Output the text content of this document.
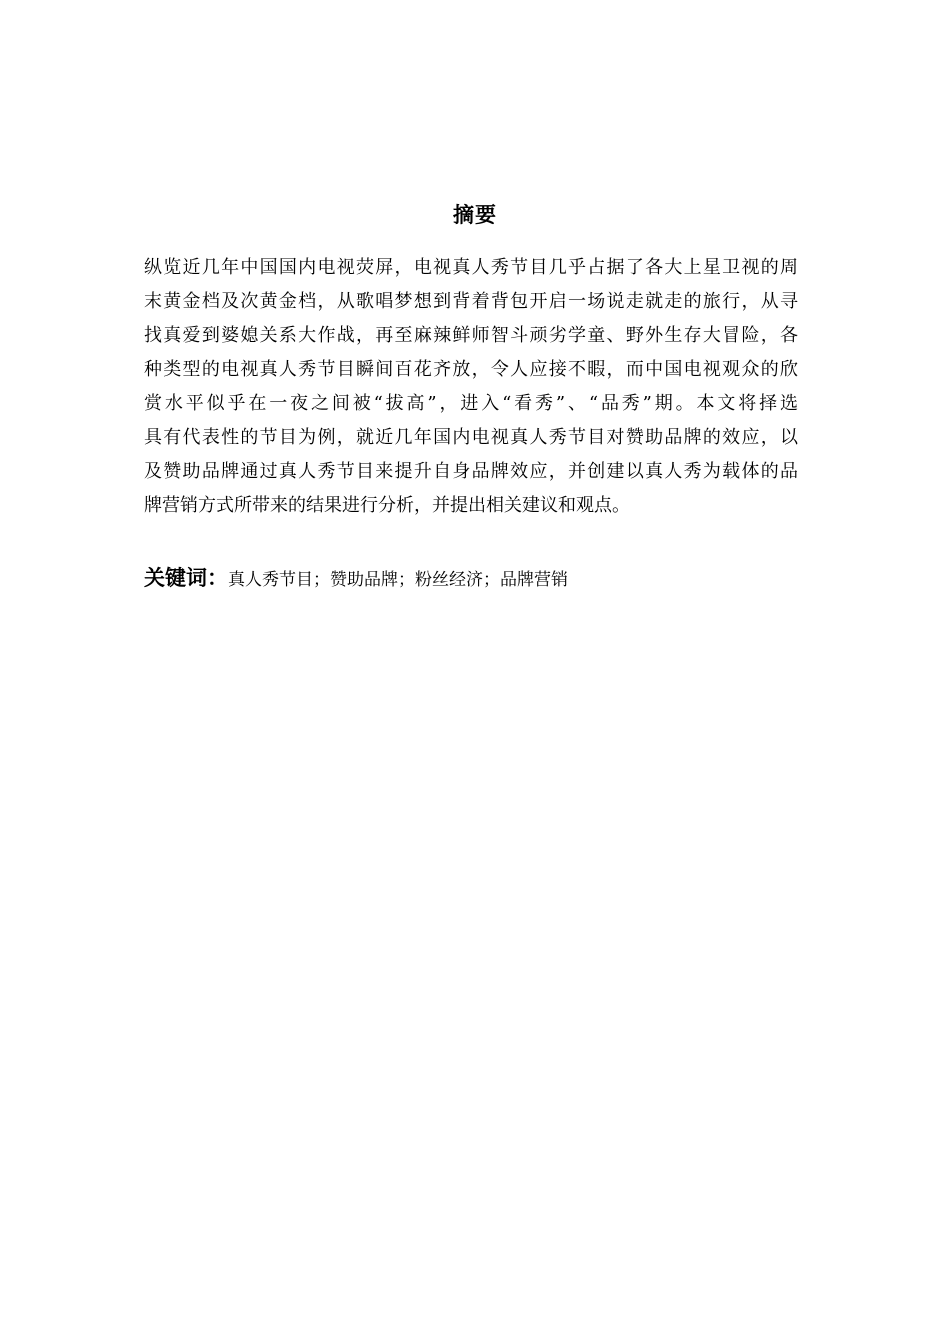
摘要
纵览近几年中国国内电视荧屏，电视真人秀节目几乎占据了各大上星卫视的周
末黄金档及次黄金档，从歌唱梦想到背着背包开启一场说走就走的旅行，从寻
找真爱到婆媳关系大作战，再至麻辣鲜师智斗顽劣学童、野外生存大冒险，各
种类型的电视真人秀节目瞬间百花齐放，令人应接不暇，而中国电视观众的欣
赏水平似乎在一夜之间被“拔高”，进入“看秀”、“品秀”期。本文将择选
具有代表性的节目为例，就近几年国内电视真人秀节目对赞助品牌的效应，以
及赞助品牌通过真人秀节目来提升自身品牌效应，并创建以真人秀为载体的品
牌营销方式所带来的结果进行分析，并提出相关建议和观点。
关键词：真人秀节目；赞助品牌；粉丝经济；品牌营销
